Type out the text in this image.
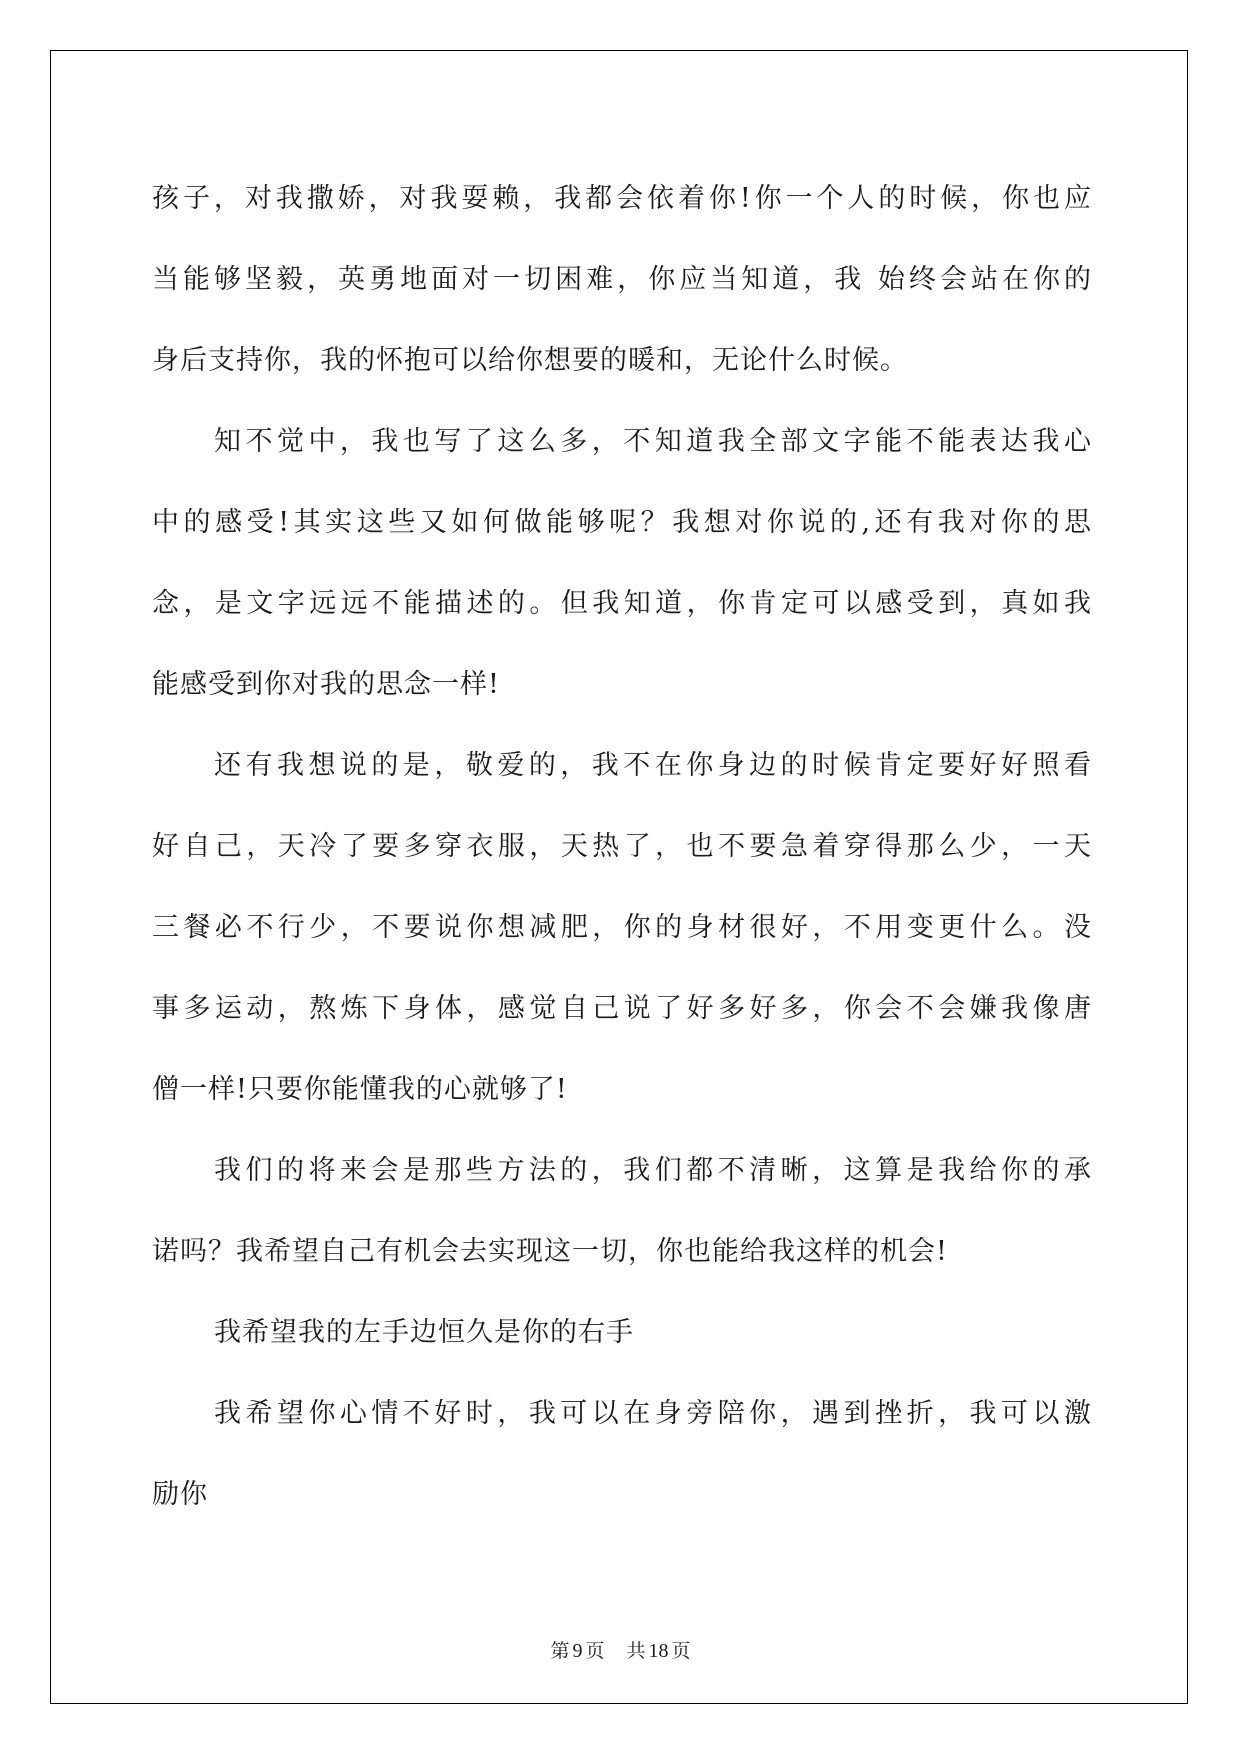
孩子，对我撒娇，对我耍赖，我都会依着你!你一个人的时候，你也应
当能够坚毅，英勇地面对一切困难，你应当知道，我 始终会站在你的
身后支持你，我的怀抱可以给你想要的暖和，无论什么时候。
知不觉中，我也写了这么多，不知道我全部文字能不能表达我心
中的感受!其实这些又如何做能够呢？我想对你说的,还有我对你的思
念，是文字远远不能描述的。但我知道，你肯定可以感受到，真如我
能感受到你对我的思念一样!
还有我想说的是，敬爱的，我不在你身边的时候肯定要好好照看
好自己，天冷了要多穿衣服，天热了，也不要急着穿得那么少，一天
三餐必不行少，不要说你想减肥，你的身材很好，不用变更什么。没
事多运动，熬炼下身体，感觉自己说了好多好多，你会不会嫌我像唐
僧一样!只要你能懂我的心就够了!
我们的将来会是那些方法的，我们都不清晰，这算是我给你的承
诺吗？我希望自己有机会去实现这一切，你也能给我这样的机会!
我希望我的左手边恒久是你的右手
我希望你心情不好时，我可以在身旁陪你，遇到挫折，我可以激
励你
第 9 页 共 18 页
